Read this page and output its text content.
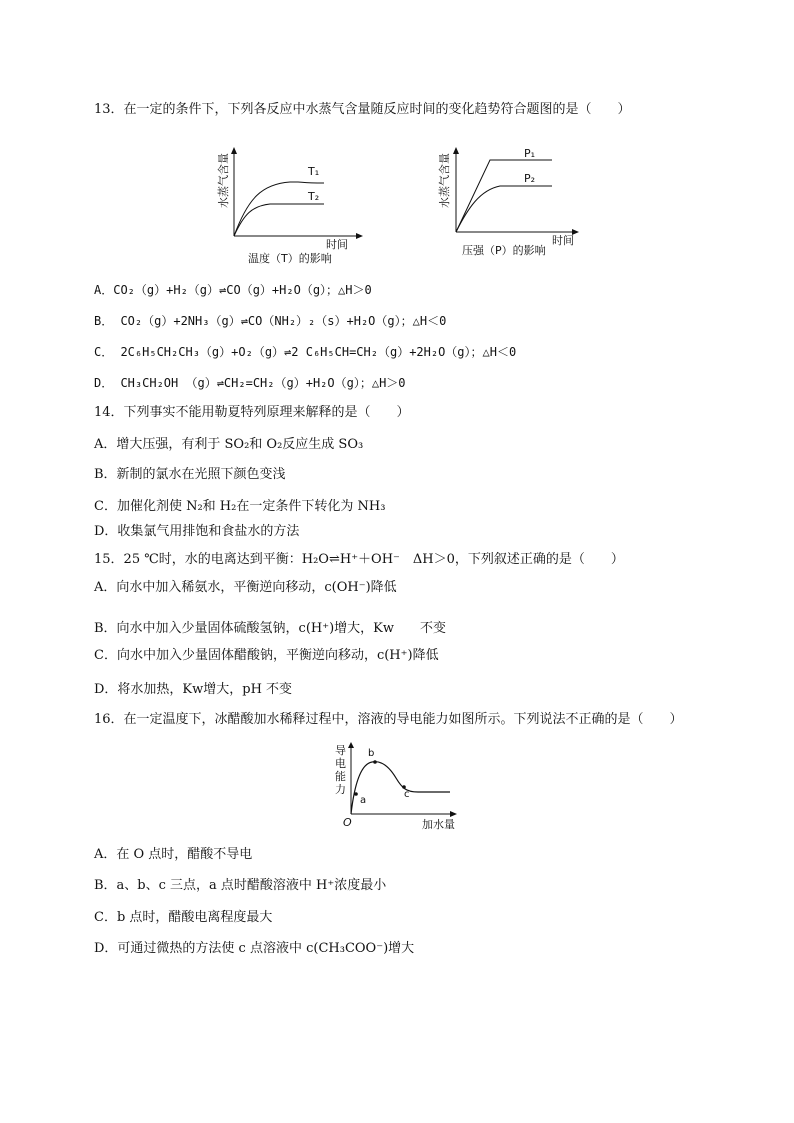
13．在一定的条件下，下列各反应中水蒸气含量随反应时间的变化趋势符合题图的是（　　）
水蒸气含量	T₁
T₂
时间
温度（T）的影响
水蒸气含量	P₁
P₂
时间
压强（P）的影响
A．CO₂（g）+H₂（g）⇌CO（g）+H₂O（g）；△H＞0
B． CO₂（g）+2NH₃（g）⇌CO（NH₂）₂（s）+H₂O（g）；△H＜0
C． 2C₆H₅CH₂CH₃（g）+O₂（g）⇌2 C₆H₅CH=CH₂（g）+2H₂O（g）；△H＜0
D． CH₃CH₂OH （g）⇌CH₂=CH₂（g）+H₂O（g）；△H＞0
14．下列事实不能用勒夏特列原理来解释的是（　　）
A．增大压强，有利于 SO₂和 O₂反应生成 SO₃
B．新制的氯水在光照下颜色变浅
C．加催化剂使 N₂和 H₂在一定条件下转化为 NH₃
D．收集氯气用排饱和食盐水的方法
15．25 ℃时，水的电离达到平衡：H₂O⇌H⁺＋OH⁻　ΔH＞0，下列叙述正确的是（　　）
A．向水中加入稀氨水，平衡逆向移动，c(OH⁻)降低
B．向水中加入少量固体硫酸氢钠，c(H⁺)增大，Kw　　不变
C．向水中加入少量固体醋酸钠，平衡逆向移动，c(H⁺)降低
D．将水加热，Kw增大，pH 不变
16．在一定温度下，冰醋酸加水稀释过程中，溶液的导电能力如图所示。下列说法不正确的是（　　）
导
电
能
力
a
b
c
O	加水量
A．在 O 点时，醋酸不导电
B．a、b、c 三点，a 点时醋酸溶液中 H⁺浓度最小
C．b 点时，醋酸电离程度最大
D．可通过微热的方法使 c 点溶液中 c(CH₃COO⁻)增大
